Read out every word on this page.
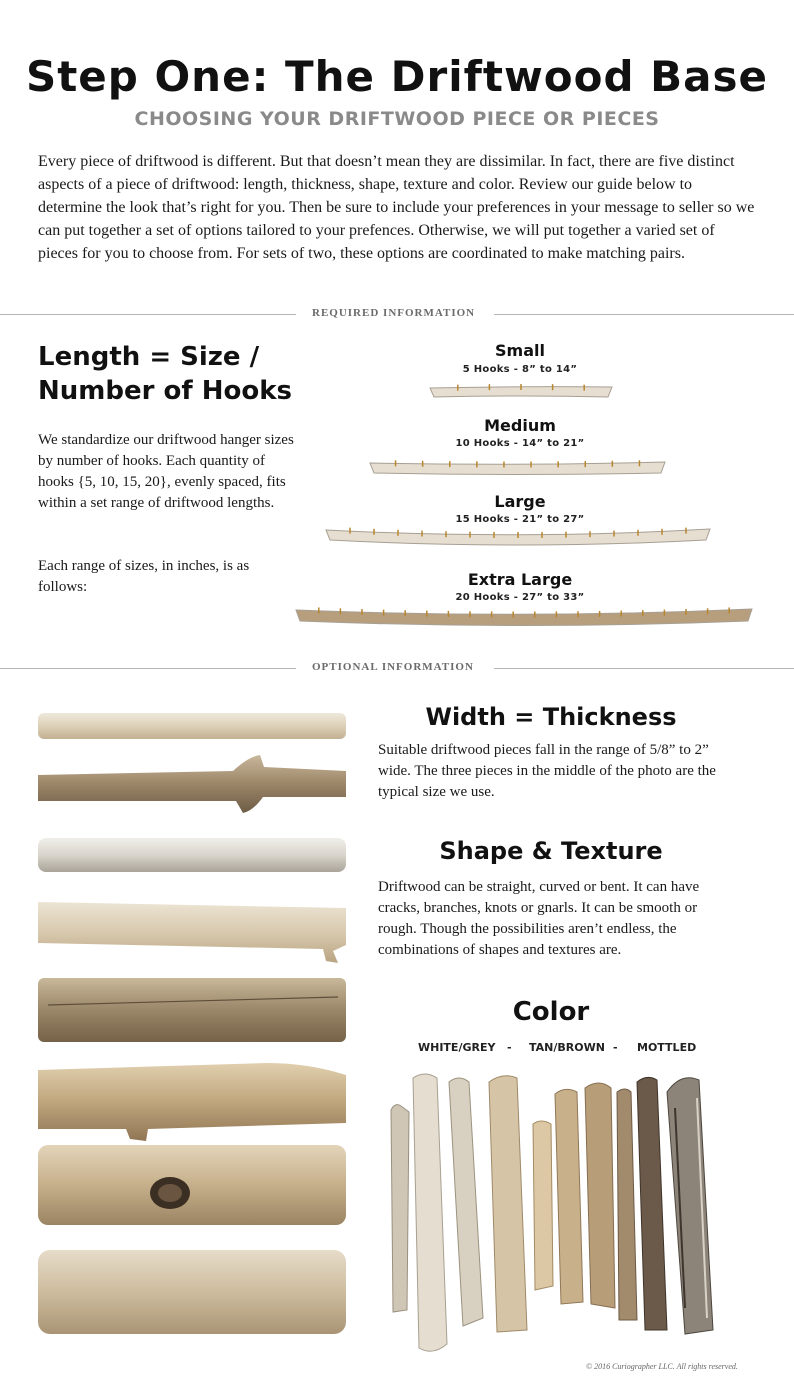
Step One: The Driftwood Base
CHOOSING YOUR DRIFTWOOD PIECE OR PIECES
Every piece of driftwood is different. But that doesn’t mean they are dissimilar. In fact, there are five distinct aspects of a piece of driftwood: length, thickness, shape, texture and color. Review our guide below to determine the look that’s right for you. Then be sure to include your preferences in your message to seller so we can put together a set of options tailored to your prefences. Otherwise, we will put together a varied set of pieces for you to choose from. For sets of two, these options are coordinated to make matching pairs.
REQUIRED INFORMATION
Length = Size /
Number of Hooks
We standardize our driftwood hanger sizes by number of hooks. Each quantity of hooks {5, 10, 15, 20}, evenly spaced, fits within a set range of driftwood lengths.
Each range of sizes, in inches, is as follows:
Small
5 Hooks - 8” to 14”
Medium
10 Hooks - 14” to 21”
Large
15 Hooks - 21” to 27”
Extra Large
20 Hooks - 27” to 33”
OPTIONAL INFORMATION
Width = Thickness
Suitable driftwood pieces fall in the range of 5/8” to 2” wide. The three pieces in the middle of the photo are the typical size we use.
Shape & Texture
Driftwood can be straight, curved or bent. It can have cracks, branches, knots or gnarls. It can be smooth or rough. Though the possibilities aren’t endless, the combinations of shapes and textures are.
Color
WHITE/GREY - TAN/BROWN - MOTTLED
© 2016 Curiographer LLC. All rights reserved.
